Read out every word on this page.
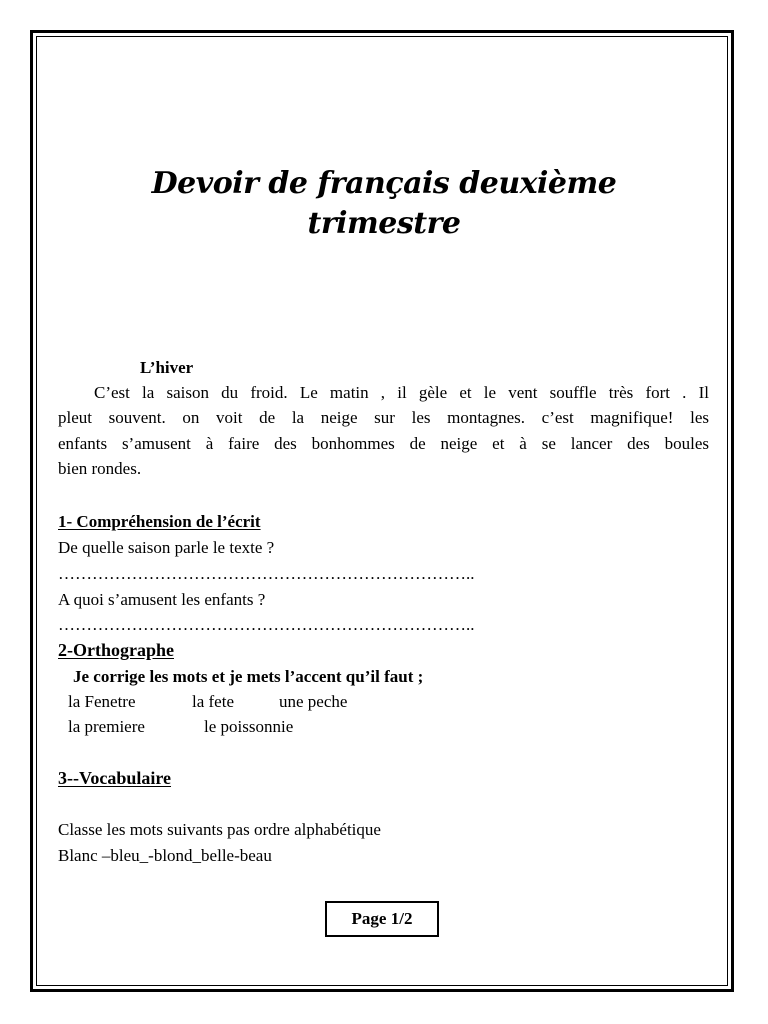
Devoir de français deuxième
trimestre
L’hiver
C’est la saison du froid. Le matin , il gèle et le vent souffle très fort . Il
pleut souvent. on voit de la neige sur les montagnes. c’est magnifique! les
enfants s’amusent à faire des bonhommes de neige et à se lancer des boules
bien rondes.
1- Compréhension de l’écrit
De quelle saison parle le texte ?
………………………………………………………………..
A quoi s’amusent les enfants ?
………………………………………………………………..
2-Orthographe
Je corrige les mots et je mets l’accent qu’il faut ;
la Fenetre	la fete	une peche
la premiere	le poissonnie
3--Vocabulaire
Classe les mots suivants pas ordre alphabétique
Blanc –bleu_-blond_belle-beau
Page 1/2
